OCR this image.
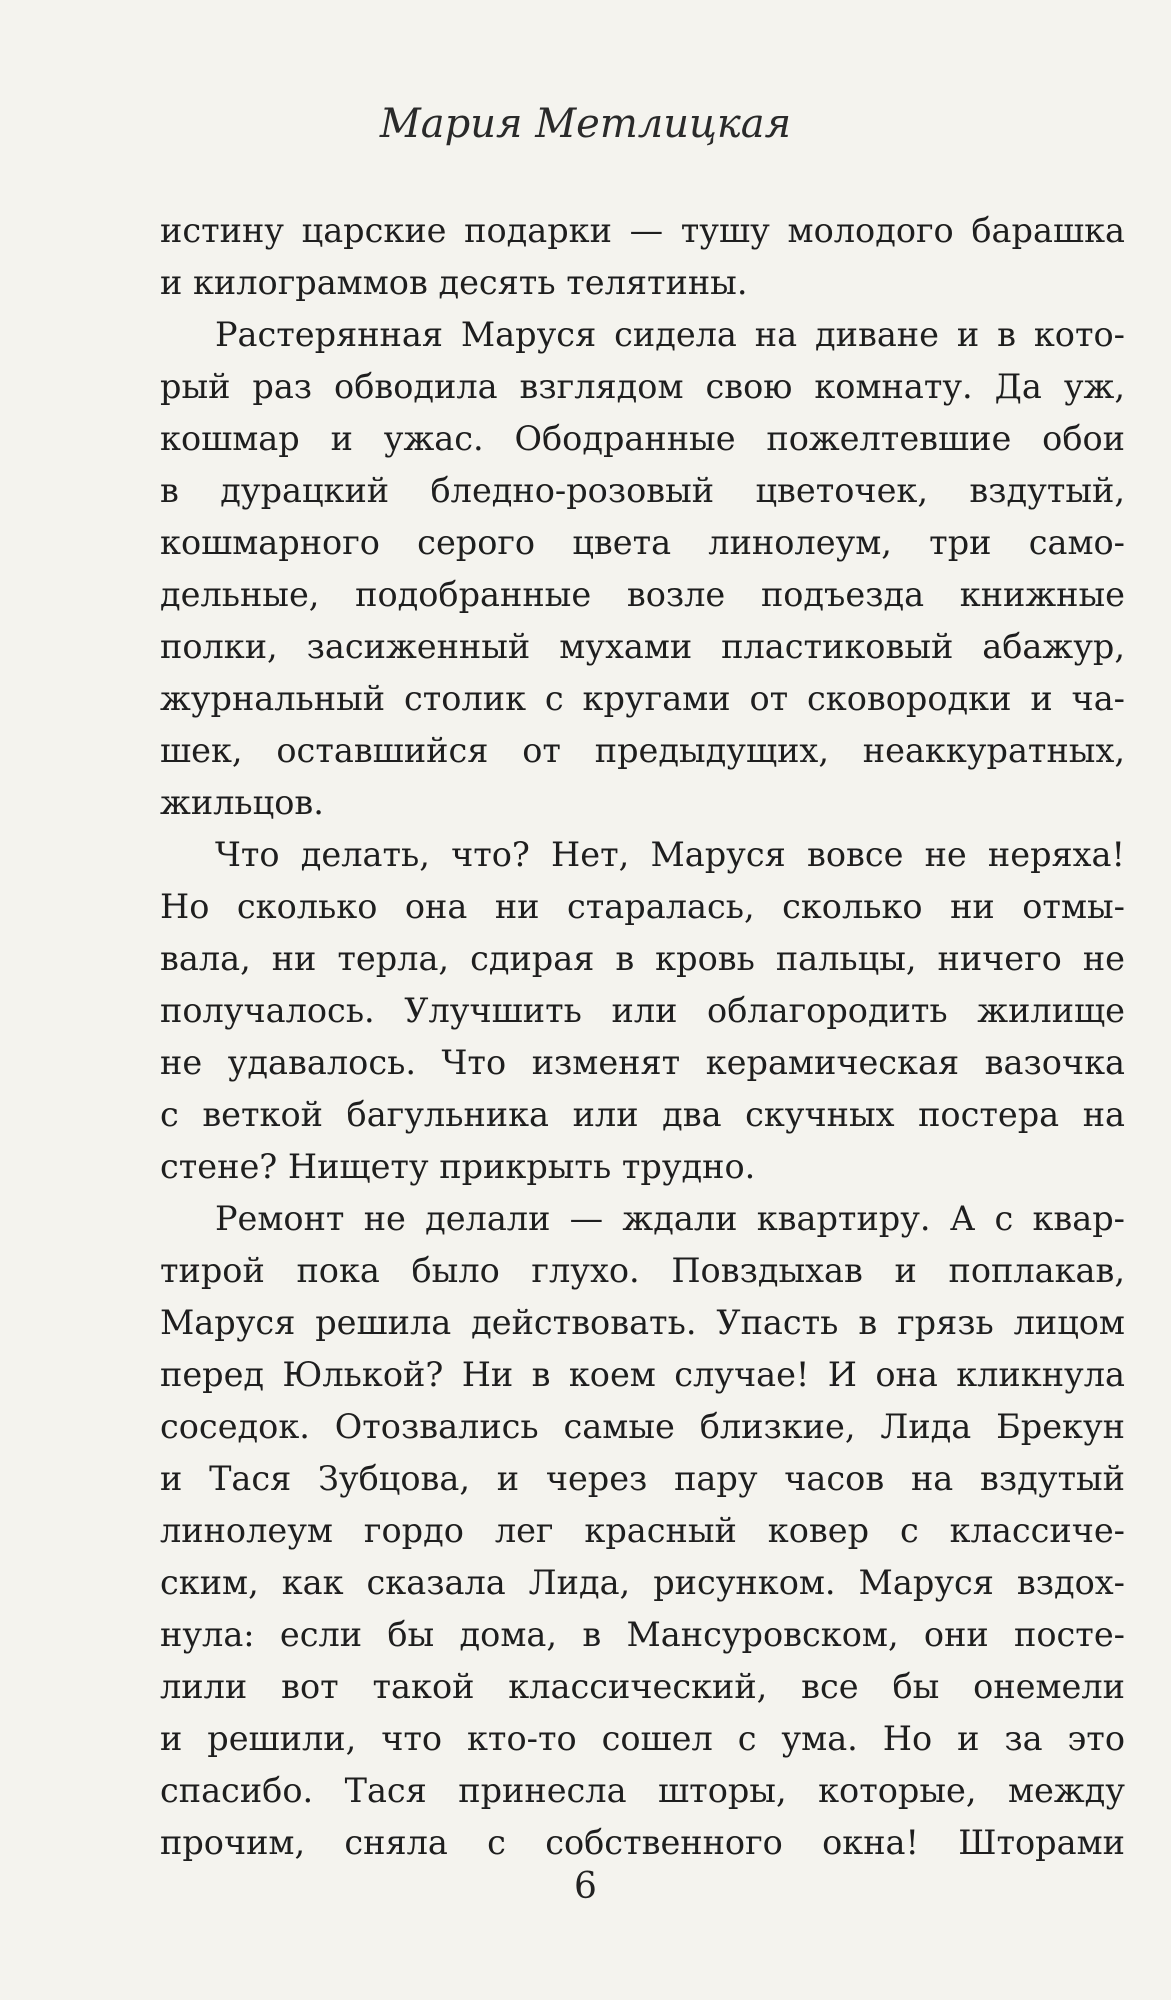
Мария Метлицкая
истину царские подарки — тушу молодого барашка
и килограммов десять телятины.
Растерянная Маруся сидела на диване и в кото-
рый раз обводила взглядом свою комнату. Да уж,
кошмар и ужас. Ободранные пожелтевшие обои
в дурацкий бледно-розовый цветочек, вздутый,
кошмарного серого цвета линолеум, три само-
дельные, подобранные возле подъезда книжные
полки, засиженный мухами пластиковый абажур,
журнальный столик с кругами от сковородки и ча-
шек, оставшийся от предыдущих, неаккуратных,
жильцов.
Что делать, что? Нет, Маруся вовсе не неряха!
Но сколько она ни старалась, сколько ни отмы-
вала, ни терла, сдирая в кровь пальцы, ничего не
получалось. Улучшить или облагородить жилище
не удавалось. Что изменят керамическая вазочка
с веткой багульника или два скучных постера на
стене? Нищету прикрыть трудно.
Ремонт не делали — ждали квартиру. А с квар-
тирой пока было глухо. Повздыхав и поплакав,
Маруся решила действовать. Упасть в грязь лицом
перед Юлькой? Ни в коем случае! И она кликнула
соседок. Отозвались самые близкие, Лида Брекун
и Тася Зубцова, и через пару часов на вздутый
линолеум гордо лег красный ковер с классиче-
ским, как сказала Лида, рисунком. Маруся вздох-
нула: если бы дома, в Мансуровском, они посте-
лили вот такой классический, все бы онемели
и решили, что кто-то сошел с ума. Но и за это
спасибо. Тася принесла шторы, которые, между
прочим, сняла с собственного окна! Шторами
6
